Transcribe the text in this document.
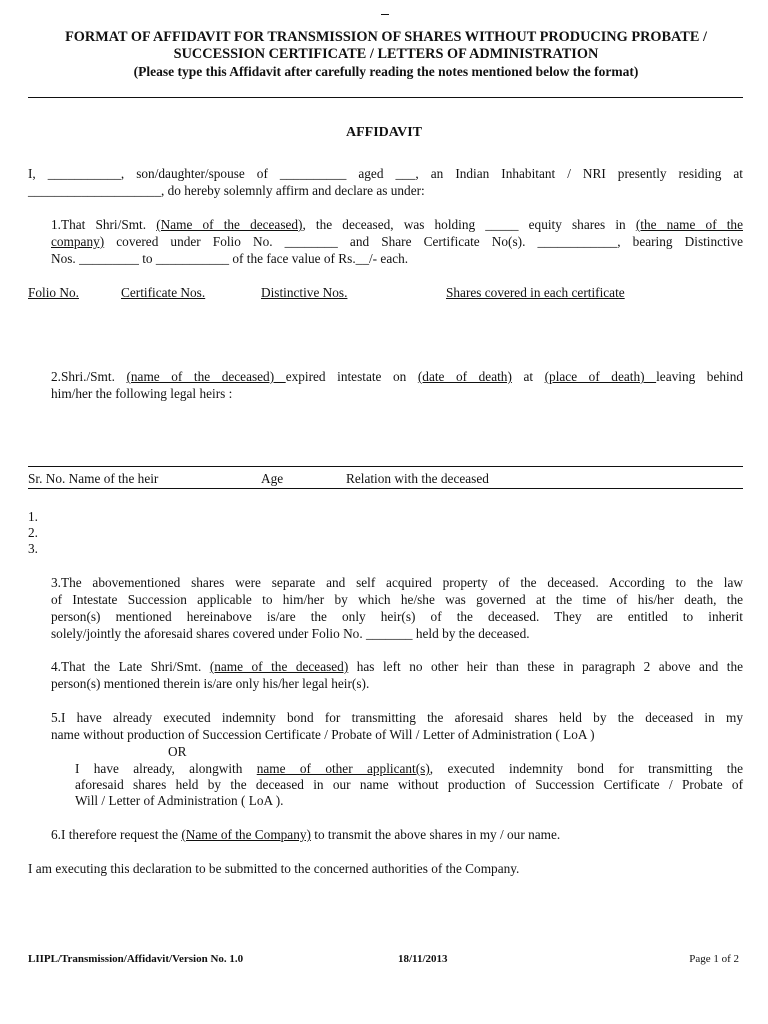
FORMAT OF AFFIDAVIT FOR TRANSMISSION OF SHARES WITHOUT PRODUCING PROBATE /
SUCCESSION CERTIFICATE / LETTERS OF ADMINISTRATION
(Please type this Affidavit after carefully reading the notes mentioned below the format)
AFFIDAVIT
I, ___________, son/daughter/spouse of __________ aged ___, an Indian Inhabitant / NRI presently residing at
____________________, do hereby solemnly affirm and declare as under:
1.That Shri/Smt. (Name of the deceased), the deceased, was holding _____ equity shares in (the name of the
company) covered under Folio No. ________ and Share Certificate No(s). ____________, bearing Distinctive
Nos. _________ to ___________ of the face value of Rs.__/- each.
Folio No.	Certificate Nos.	Distinctive Nos.	Shares covered in each certificate
2.Shri./Smt. (name of the deceased) expired intestate on (date of death) at (place of death) leaving behind
him/her the following legal heirs :
Sr. No. Name of the heir	Age	Relation with the deceased
1.
2.
3.
3.The abovementioned shares were separate and self acquired property of the deceased. According to the law
of Intestate Succession applicable to him/her by which he/she was governed at the time of his/her death, the
person(s) mentioned hereinabove is/are the only heir(s) of the deceased. They are entitled to inherit
solely/jointly the aforesaid shares covered under Folio No. _______ held by the deceased.
4.That the Late Shri/Smt. (name of the deceased) has left no other heir than these in paragraph 2 above and the
person(s) mentioned therein is/are only his/her legal heir(s).
5.I have already executed indemnity bond for transmitting the aforesaid shares held by the deceased in my
name without production of Succession Certificate / Probate of Will / Letter of Administration ( LoA )
OR
I have already, alongwith name of other applicant(s), executed indemnity bond for transmitting the
aforesaid shares held by the deceased in our name without production of Succession Certificate / Probate of
Will / Letter of Administration ( LoA ).
6.I therefore request the (Name of the Company) to transmit the above shares in my / our name.
I am executing this declaration to be submitted to the concerned authorities of the Company.
LIIPL/Transmission/Affidavit/Version No. 1.0	18/11/2013	Page 1 of 2
